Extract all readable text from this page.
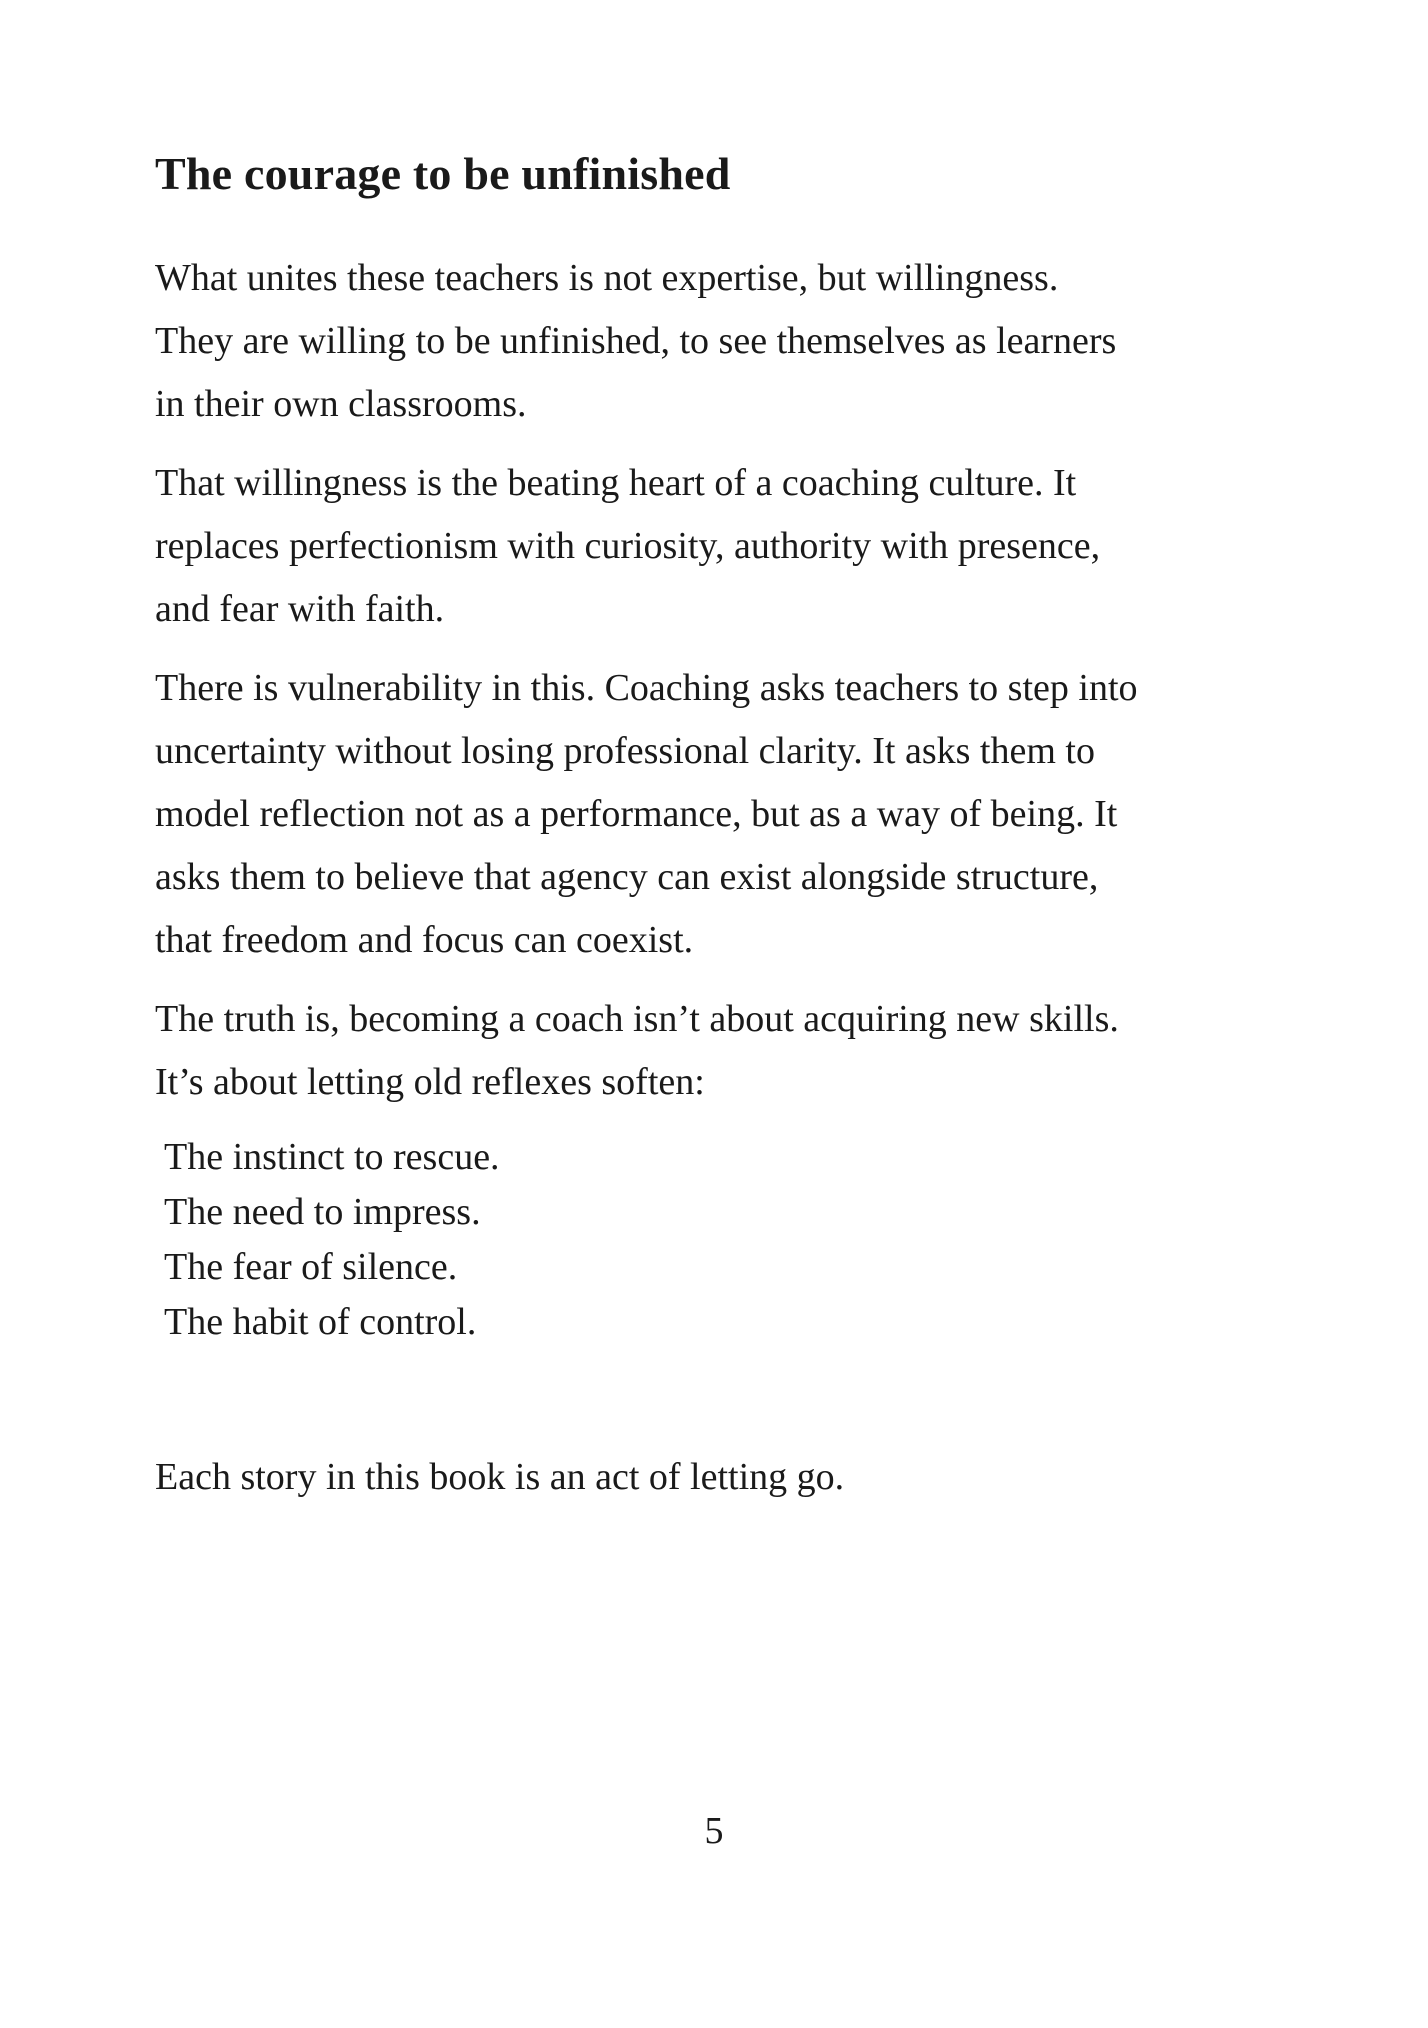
The courage to be unfinished

What unites these teachers is not expertise, but willingness.
They are willing to be unfinished, to see themselves as learners
in their own classrooms.

That willingness is the beating heart of a coaching culture. It
replaces perfectionism with curiosity, authority with presence,
and fear with faith.

There is vulnerability in this. Coaching asks teachers to step into
uncertainty without losing professional clarity. It asks them to
model reflection not as a performance, but as a way of being. It
asks them to believe that agency can exist alongside structure,
that freedom and focus can coexist.

The truth is, becoming a coach isn’t about acquiring new skills.
It’s about letting old reflexes soften:

The instinct to rescue.
The need to impress.
The fear of silence.
The habit of control.

Each story in this book is an act of letting go.

5
